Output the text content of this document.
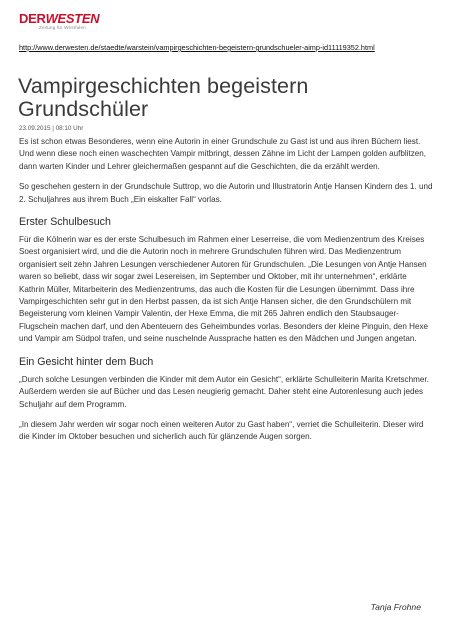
DERWESTEN
Zeitung für Westfalen
http://www.derwesten.de/staedte/warstein/vampirgeschichten-begeistern-grundschueler-aimp-id11119352.html
Vampirgeschichten begeistern Grundschüler
23.09.2015 | 08:10 Uhr

Es ist schon etwas Besonderes, wenn eine Autorin in einer Grundschule zu Gast ist und aus ihren Büchern liest. Und wenn diese noch einen waschechten Vampir mitbringt, dessen Zähne im Licht der Lampen golden aufblitzen, dann warten Kinder und Lehrer gleichermaßen gespannt auf die Geschichten, die da erzählt werden.

So geschehen gestern in der Grundschule Suttrop, wo die Autorin und Illustratorin Antje Hansen Kindern des 1. und 2. Schuljahres aus ihrem Buch „Ein eiskalter Fall“ vorlas.

Erster Schulbesuch

Für die Kölnerin war es der erste Schulbesuch im Rahmen einer Leserreise, die vom Medienzentrum des Kreises Soest organisiert wird, und die die Autorin noch in mehrere Grundschulen führen wird. Das Medienzentrum organisiert seit zehn Jahren Lesungen verschiedener Autoren für Grundschulen. „Die Lesungen von Antje Hansen waren so beliebt, dass wir sogar zwei Lesereisen, im September und Oktober, mit ihr unternehmen“, erklärte Kathrin Müller, Mitarbeiterin des Medienzentrums, das auch die Kosten für die Lesungen übernimmt. Dass ihre Vampirgeschichten sehr gut in den Herbst passen, da ist sich Antje Hansen sicher, die den Grundschülern mit Begeisterung vom kleinen Vampir Valentin, der Hexe Emma, die mit 265 Jahren endlich den Staubsauger-Flugschein machen darf, und den Abenteuern des Geheimbundes vorlas. Besonders der kleine Pinguin, den Hexe und Vampir am Südpol trafen, und seine nuschelnde Aussprache hatten es den Mädchen und Jungen angetan.

Ein Gesicht hinter dem Buch

„Durch solche Lesungen verbinden die Kinder mit dem Autor ein Gesicht“, erklärte Schulleiterin Marita Kretschmer. Außerdem werden sie auf Bücher und das Lesen neugierig gemacht. Daher steht eine Autorenlesung auch jedes Schuljahr auf dem Programm.

„In diesem Jahr werden wir sogar noch einen weiteren Autor zu Gast haben“, verriet die Schulleiterin. Dieser wird die Kinder im Oktober besuchen und sicherlich auch für glänzende Augen sorgen.

Tanja Frohne
